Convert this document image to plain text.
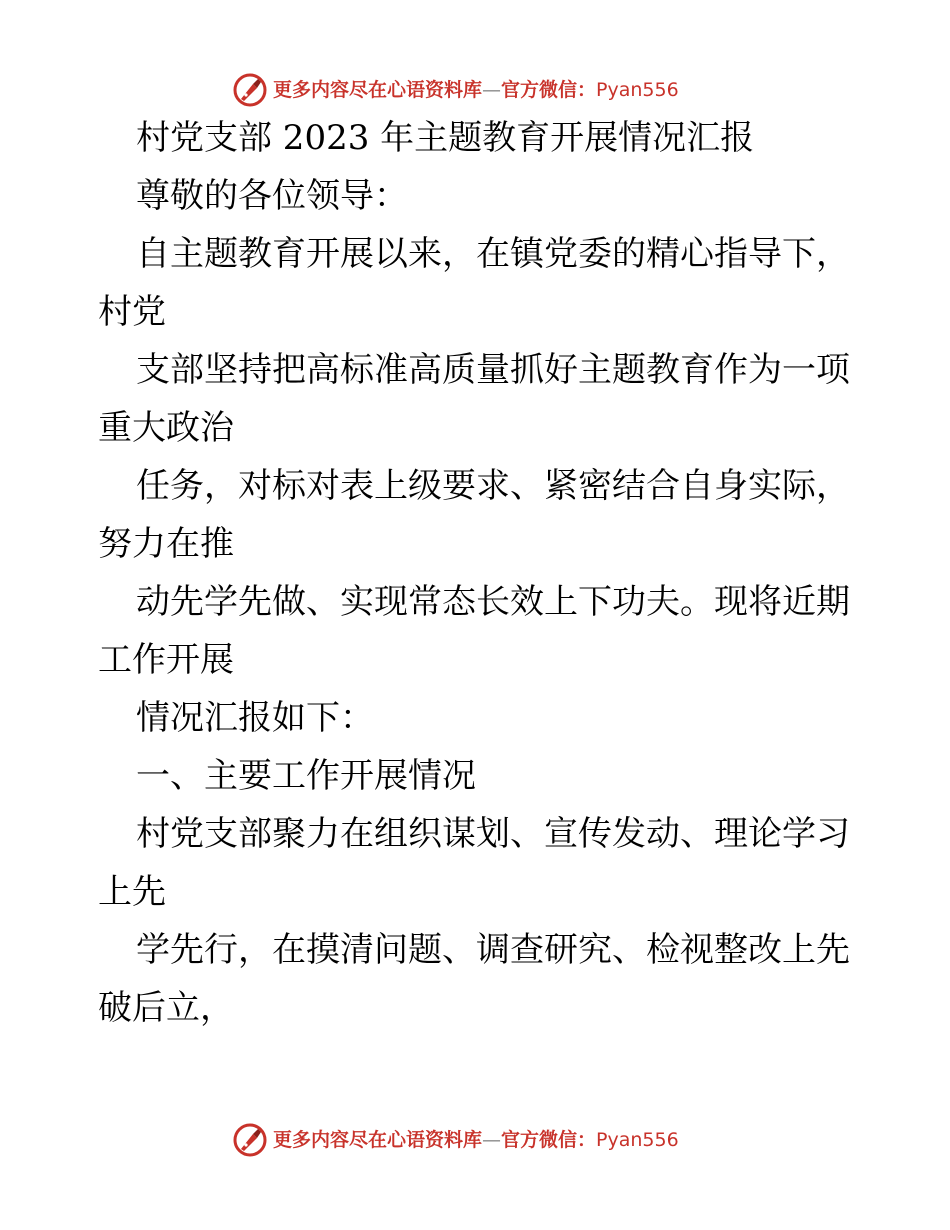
更多内容尽在心语资料库—官方微信：Pyan556
村党支部 2023 年主题教育开展情况汇报
尊敬的各位领导：
自主题教育开展以来，在镇党委的精心指导下，
村党
支部坚持把高标准高质量抓好主题教育作为一项
重大政治
任务，对标对表上级要求、紧密结合自身实际，
努力在推
动先学先做、实现常态长效上下功夫。现将近期
工作开展
情况汇报如下：
一、主要工作开展情况
村党支部聚力在组织谋划、宣传发动、理论学习
上先
学先行，在摸清问题、调查研究、检视整改上先
破后立，
更多内容尽在心语资料库—官方微信：Pyan556
